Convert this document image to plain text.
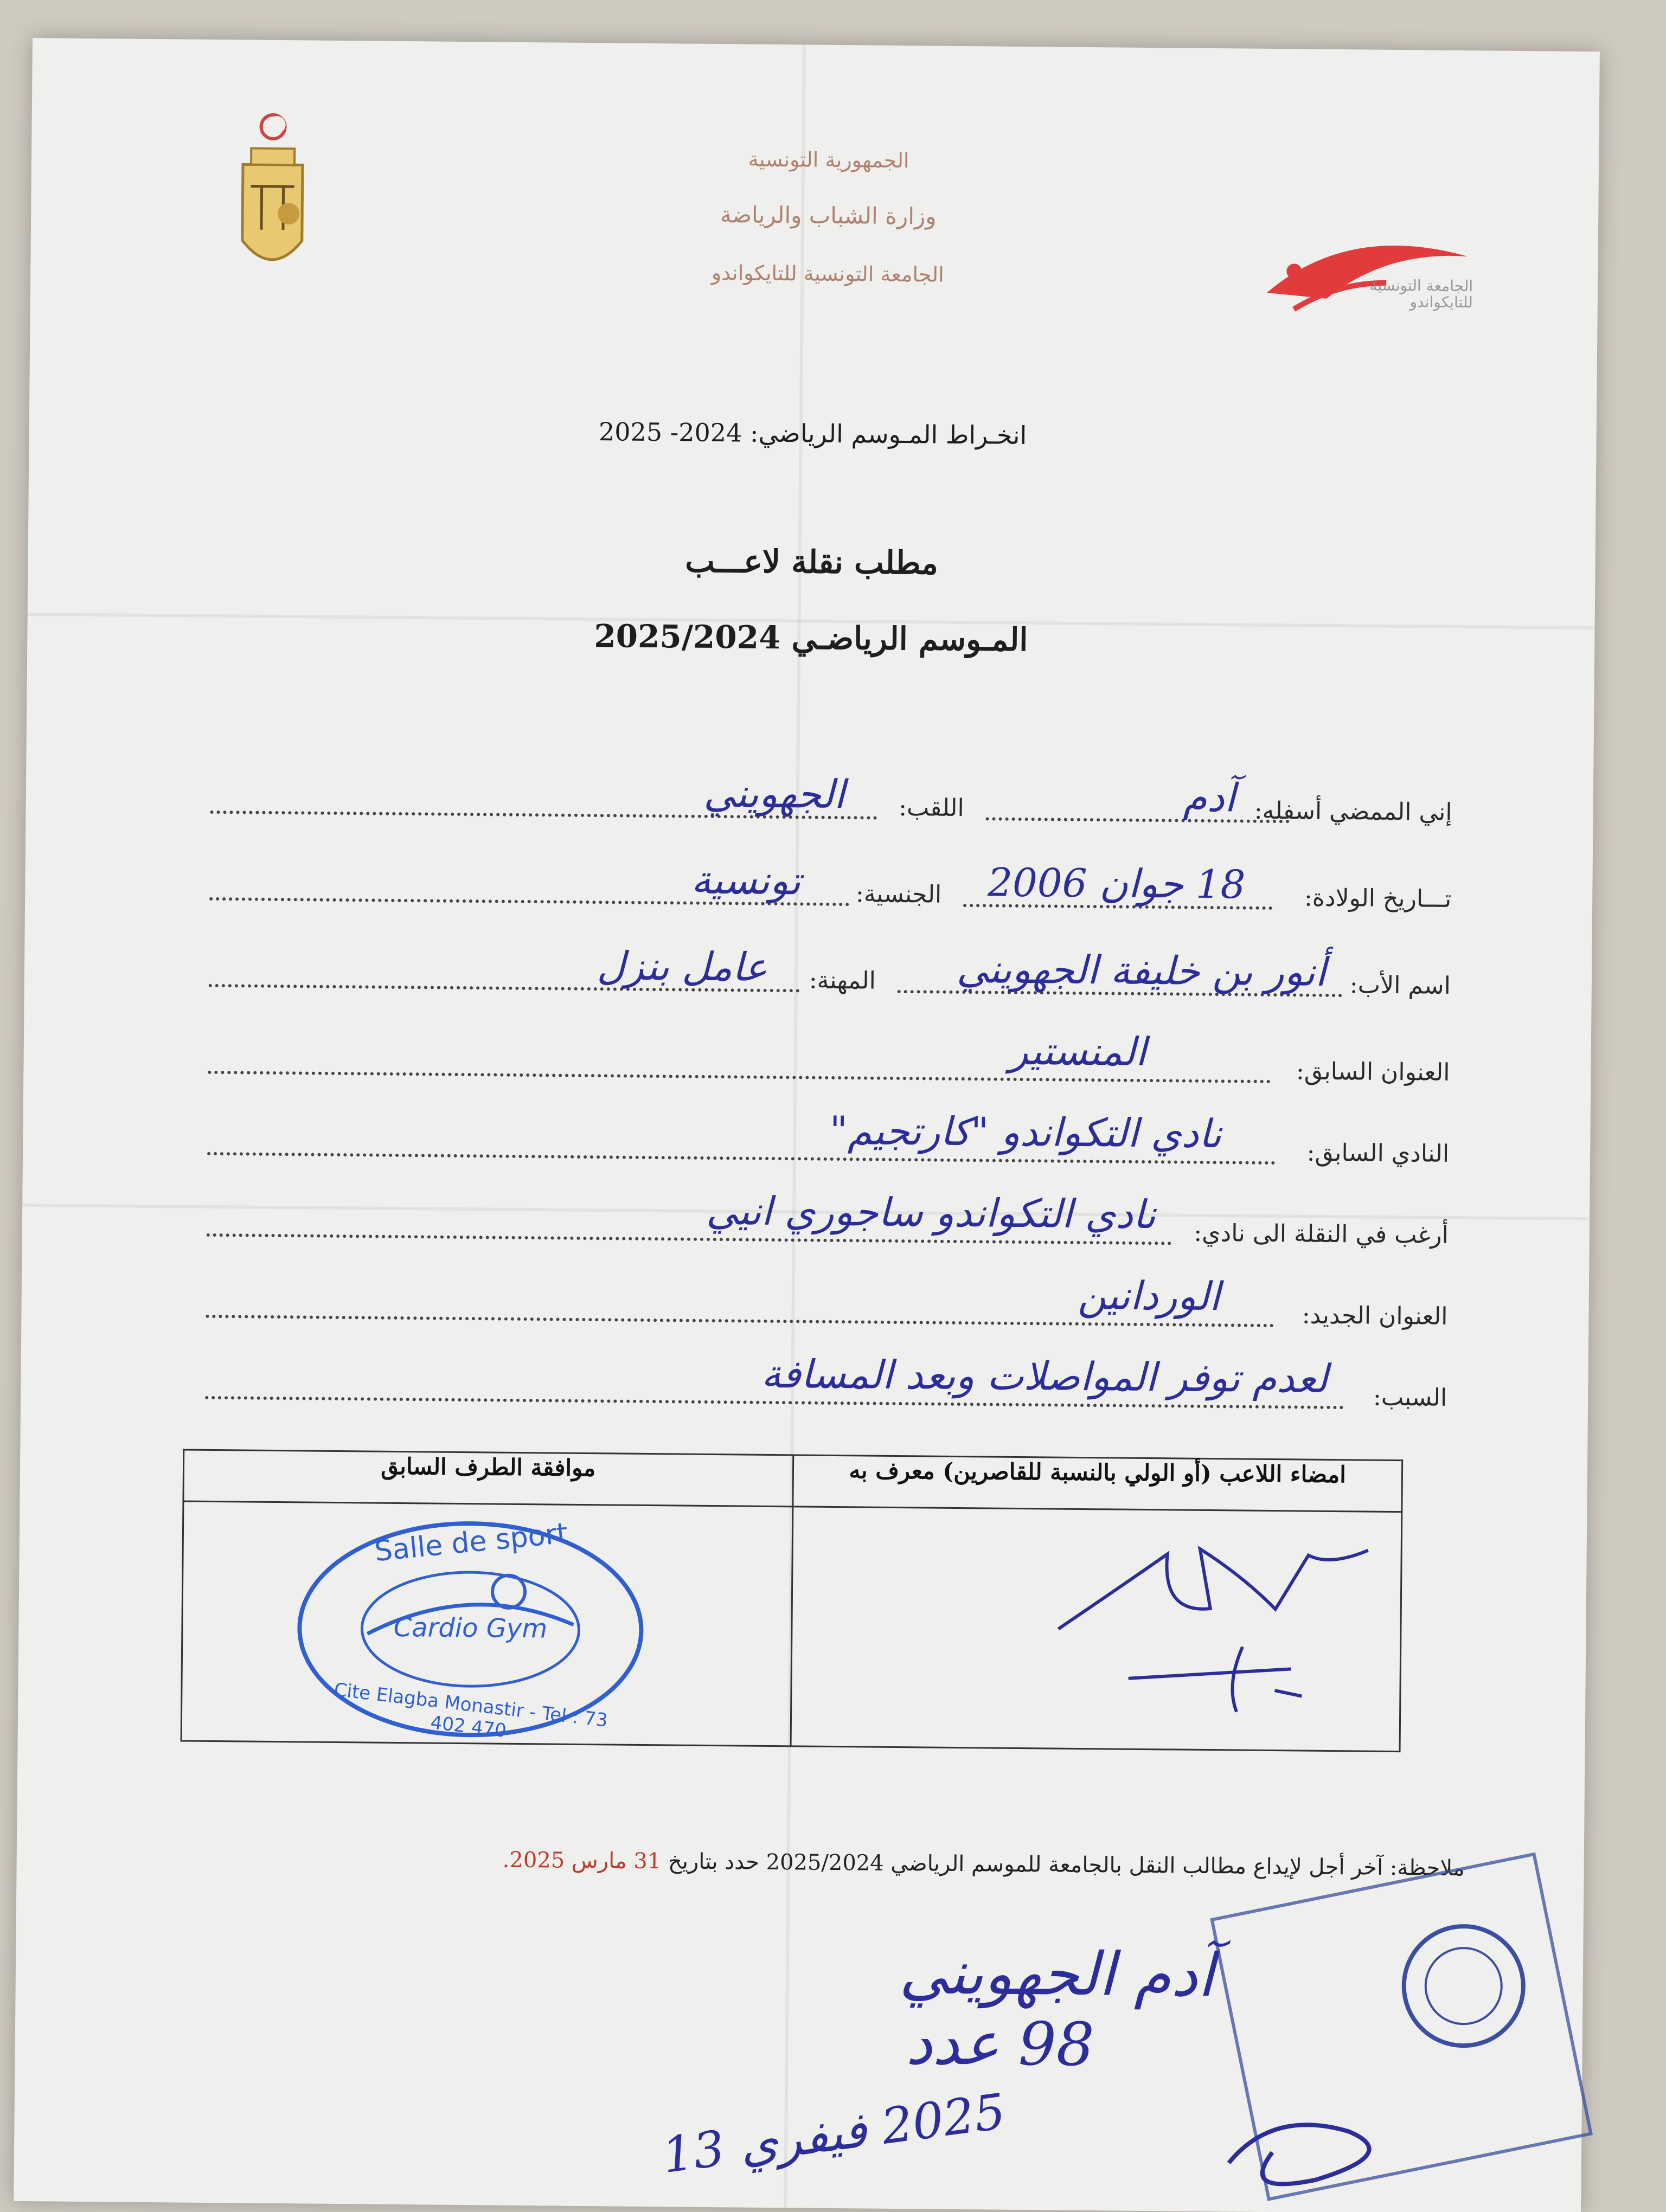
الجمهورية التونسية
وزارة الشباب والرياضة
الجامعة التونسية للتايكواندو	الجامعة التونسية للتايكواندو
انخـراط المـوسم الرياضي: 2024- 2025
مطلب نقلة لاعـــب
المـوسم الرياضـي 2025/2024
إني الممضي أسفله:
آدم
اللقب:
الجهويني
تـــاريخ الولادة:
18 جوان 2006
الجنسية:
تونسية
اسم الأب:
أنور بن خليفة الجهويني
المهنة:
عامل بنزل
العنوان السابق:
المنستير
النادي السابق:
نادي التكواندو "كارتجيم"
أرغب في النقلة الى نادي:
نادي التكواندو ساجوري انيي
العنوان الجديد:
الوردانين
السبب:
لعدم توفر المواصلات وبعد المسافة
موافقة الطرف السابق	امضاء اللاعب (أو الولي بالنسبة للقاصرين) معرف به

Salle de sport
Cardio Gym
Cite Elagba Monastir - Tel : 73 402 470

ملاحظة: آخر أجل لإيداع مطالب النقل بالجامعة للموسم الرياضي 2025/2024 حدد بتاريخ 31 مارس 2025.
آدم الجهويني
98 عدد
2025 فيفري 13
